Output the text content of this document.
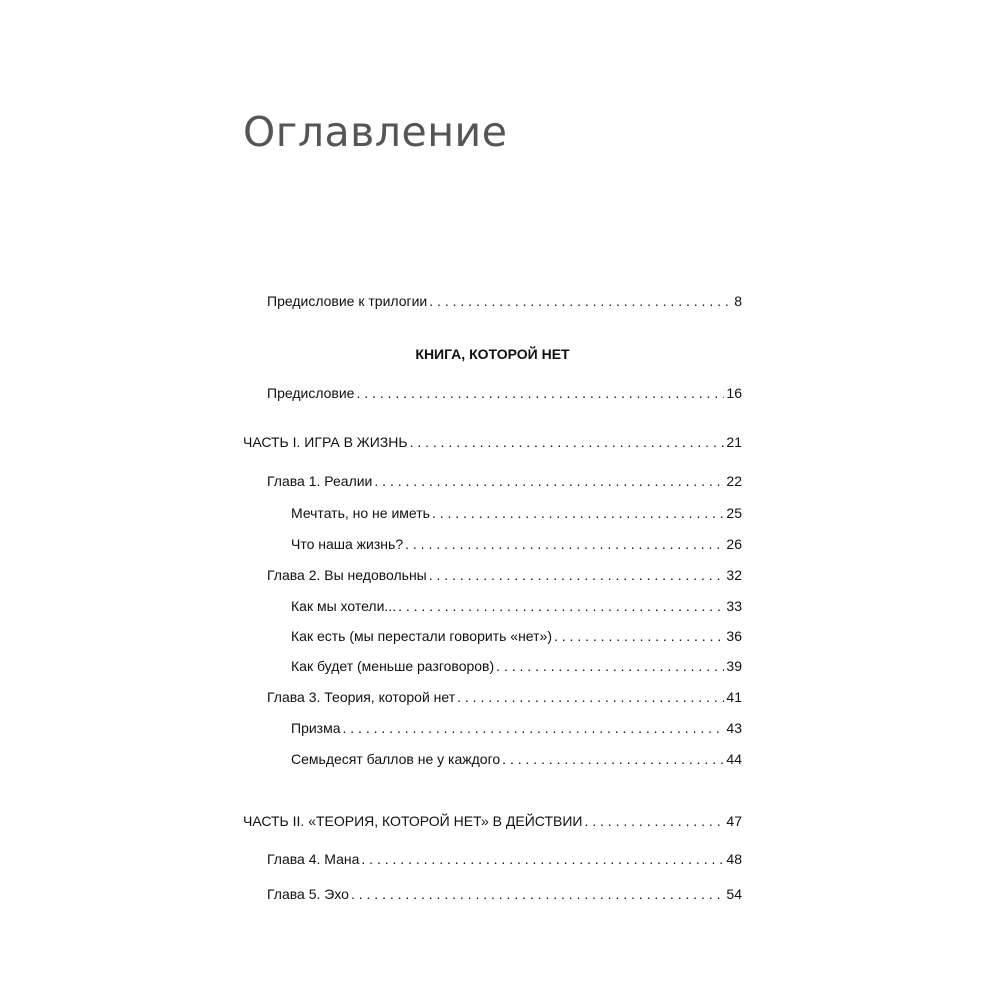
Оглавление
Предисловие к трилогии . . .	8
КНИГА, КОТОРОЙ НЕТ
Предисловие . . .	16
ЧАСТЬ I. ИГРА В ЖИЗНЬ . . .	21
Глава 1. Реалии . . .	22
Мечтать, но не иметь . . .	25
Что наша жизнь? . . .	26
Глава 2. Вы недовольны . . .	32
Как мы хотели... . . .	33
Как есть (мы перестали говорить «нет») . . .	36
Как будет (меньше разговоров) . . .	39
Глава 3. Теория, которой нет . . .	41
Призма . . .	43
Семьдесят баллов не у каждого . . .	44
ЧАСТЬ II. «ТЕОРИЯ, КОТОРОЙ НЕТ» В ДЕЙСТВИИ . . .	47
Глава 4. Мана . . .	48
Глава 5. Эхо . . .	54
